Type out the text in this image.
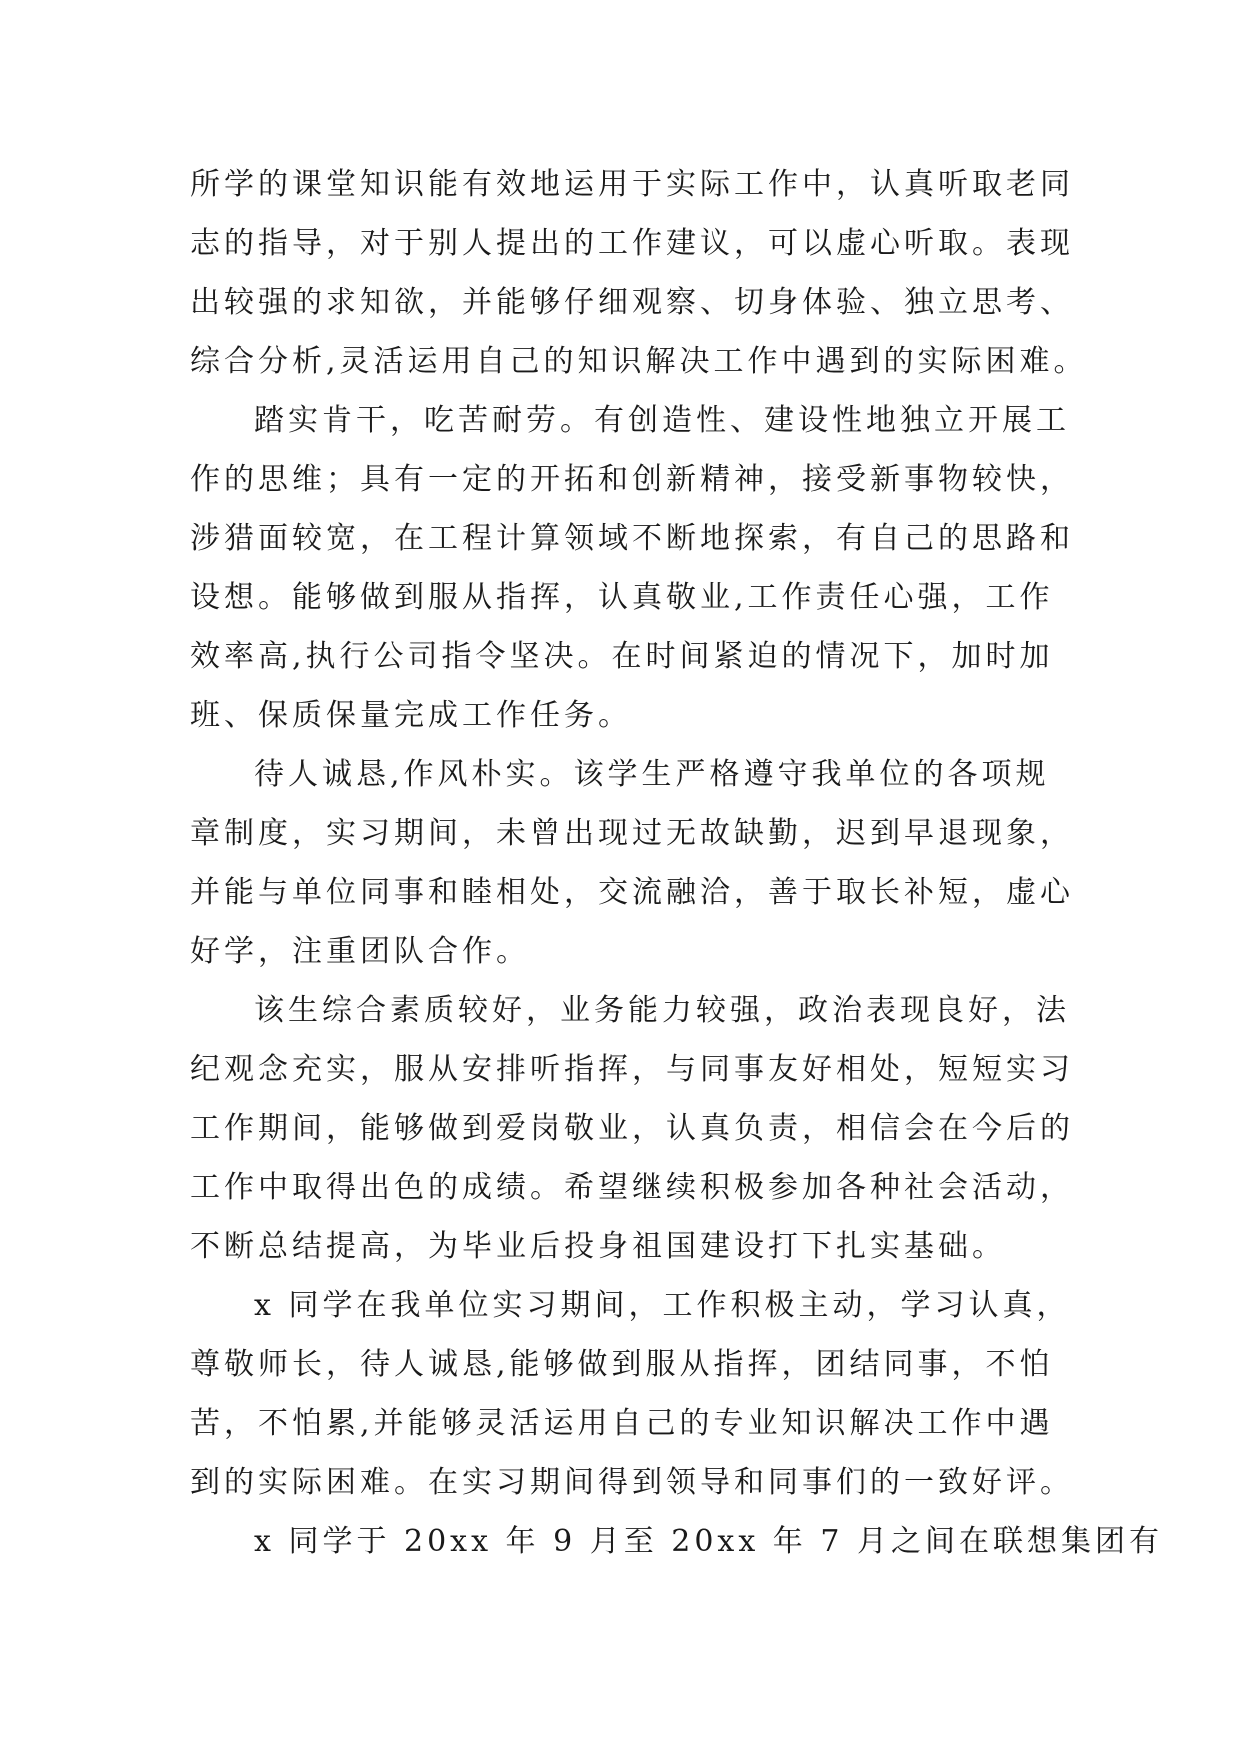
所学的课堂知识能有效地运用于实际工作中，认真听取老同
志的指导，对于别人提出的工作建议，可以虚心听取。表现
出较强的求知欲，并能够仔细观察、切身体验、独立思考、
综合分析,灵活运用自己的知识解决工作中遇到的实际困难。
踏实肯干，吃苦耐劳。有创造性、建设性地独立开展工
作的思维；具有一定的开拓和创新精神，接受新事物较快，
涉猎面较宽，在工程计算领域不断地探索，有自己的思路和
设想。能够做到服从指挥，认真敬业,工作责任心强，工作
效率高,执行公司指令坚决。在时间紧迫的情况下，加时加
班、保质保量完成工作任务。
待人诚恳,作风朴实。该学生严格遵守我单位的各项规
章制度，实习期间，未曾出现过无故缺勤，迟到早退现象，
并能与单位同事和睦相处，交流融洽，善于取长补短，虚心
好学，注重团队合作。
该生综合素质较好，业务能力较强，政治表现良好，法
纪观念充实，服从安排听指挥，与同事友好相处，短短实习
工作期间，能够做到爱岗敬业，认真负责，相信会在今后的
工作中取得出色的成绩。希望继续积极参加各种社会活动，
不断总结提高，为毕业后投身祖国建设打下扎实基础。
x 同学在我单位实习期间，工作积极主动，学习认真，
尊敬师长，待人诚恳,能够做到服从指挥，团结同事，不怕
苦，不怕累,并能够灵活运用自己的专业知识解决工作中遇
到的实际困难。在实习期间得到领导和同事们的一致好评。
x 同学于 20xx 年 9 月至 20xx 年 7 月之间在联想集团有
